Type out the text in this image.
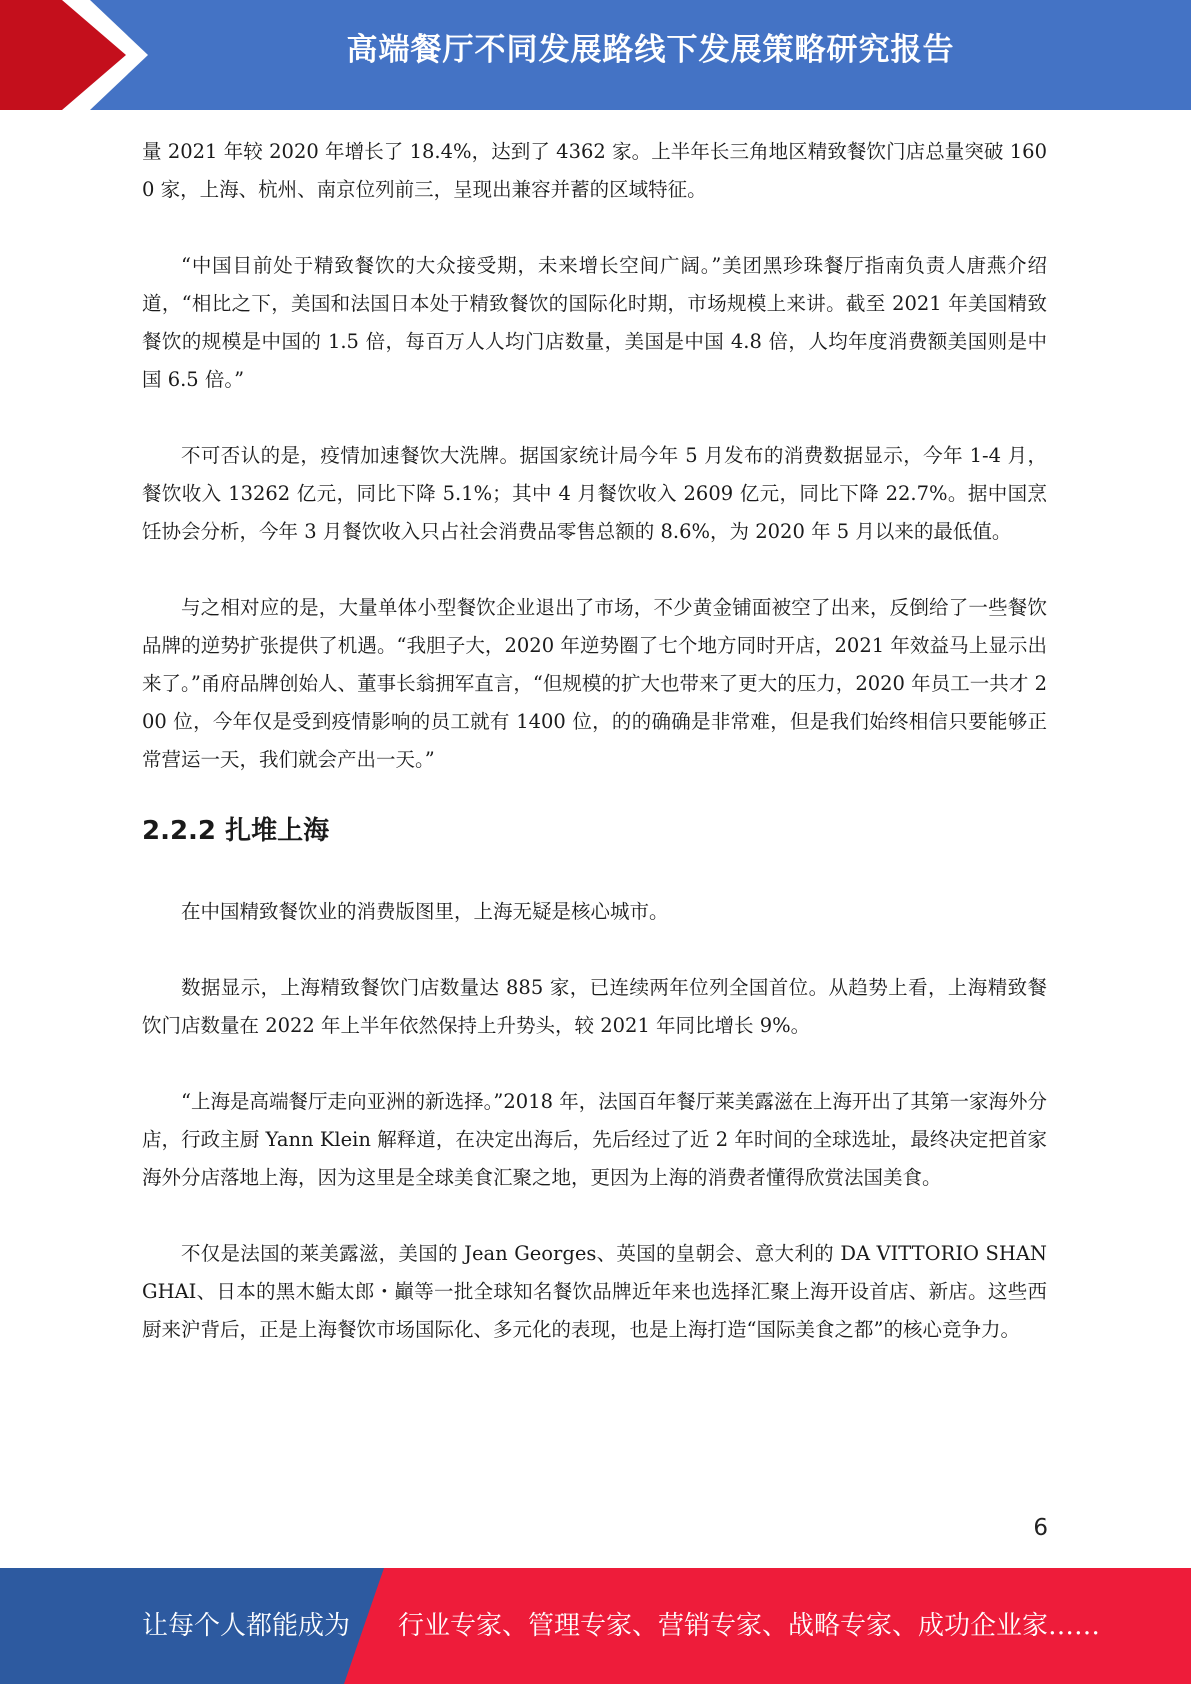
高端餐厅不同发展路线下发展策略研究报告

量 2021 年较 2020 年增长了 18.4%，达到了 4362 家。上半年长三角地区精致餐饮门店总量突破 1600 家，上海、杭州、南京位列前三，呈现出兼容并蓄的区域特征。

“中国目前处于精致餐饮的大众接受期，未来增长空间广阔。”美团黑珍珠餐厅指南负责人唐燕介绍道，“相比之下，美国和法国日本处于精致餐饮的国际化时期，市场规模上来讲。截至 2021 年美国精致餐饮的规模是中国的 1.5 倍，每百万人人均门店数量，美国是中国 4.8 倍，人均年度消费额美国则是中国 6.5 倍。”

不可否认的是，疫情加速餐饮大洗牌。据国家统计局今年 5 月发布的消费数据显示，今年 1-4 月，餐饮收入 13262 亿元，同比下降 5.1%；其中 4 月餐饮收入 2609 亿元，同比下降 22.7%。据中国烹饪协会分析，今年 3 月餐饮收入只占社会消费品零售总额的 8.6%，为 2020 年 5 月以来的最低值。

与之相对应的是，大量单体小型餐饮企业退出了市场，不少黄金铺面被空了出来，反倒给了一些餐饮品牌的逆势扩张提供了机遇。“我胆子大，2020 年逆势圈了七个地方同时开店，2021 年效益马上显示出来了。”甬府品牌创始人、董事长翁拥军直言，“但规模的扩大也带来了更大的压力，2020 年员工一共才 200 位，今年仅是受到疫情影响的员工就有 1400 位，的的确确是非常难，但是我们始终相信只要能够正常营运一天，我们就会产出一天。”

2.2.2 扎堆上海

在中国精致餐饮业的消费版图里，上海无疑是核心城市。

数据显示，上海精致餐饮门店数量达 885 家，已连续两年位列全国首位。从趋势上看，上海精致餐饮门店数量在 2022 年上半年依然保持上升势头，较 2021 年同比增长 9%。

“上海是高端餐厅走向亚洲的新选择。”2018 年，法国百年餐厅莱美露滋在上海开出了其第一家海外分店，行政主厨 Yann Klein 解释道，在决定出海后，先后经过了近 2 年时间的全球选址，最终决定把首家海外分店落地上海，因为这里是全球美食汇聚之地，更因为上海的消费者懂得欣赏法国美食。

不仅是法国的莱美露滋，美国的 Jean Georges、英国的皇朝会、意大利的 DA VITTORIO SHANGHAI、日本的黑木鮨太郎・巓等一批全球知名餐饮品牌近年来也选择汇聚上海开设首店、新店。这些西厨来沪背后，正是上海餐饮市场国际化、多元化的表现，也是上海打造“国际美食之都”的核心竞争力。

6
让每个人都能成为 行业专家、管理专家、营销专家、战略专家、成功企业家……
